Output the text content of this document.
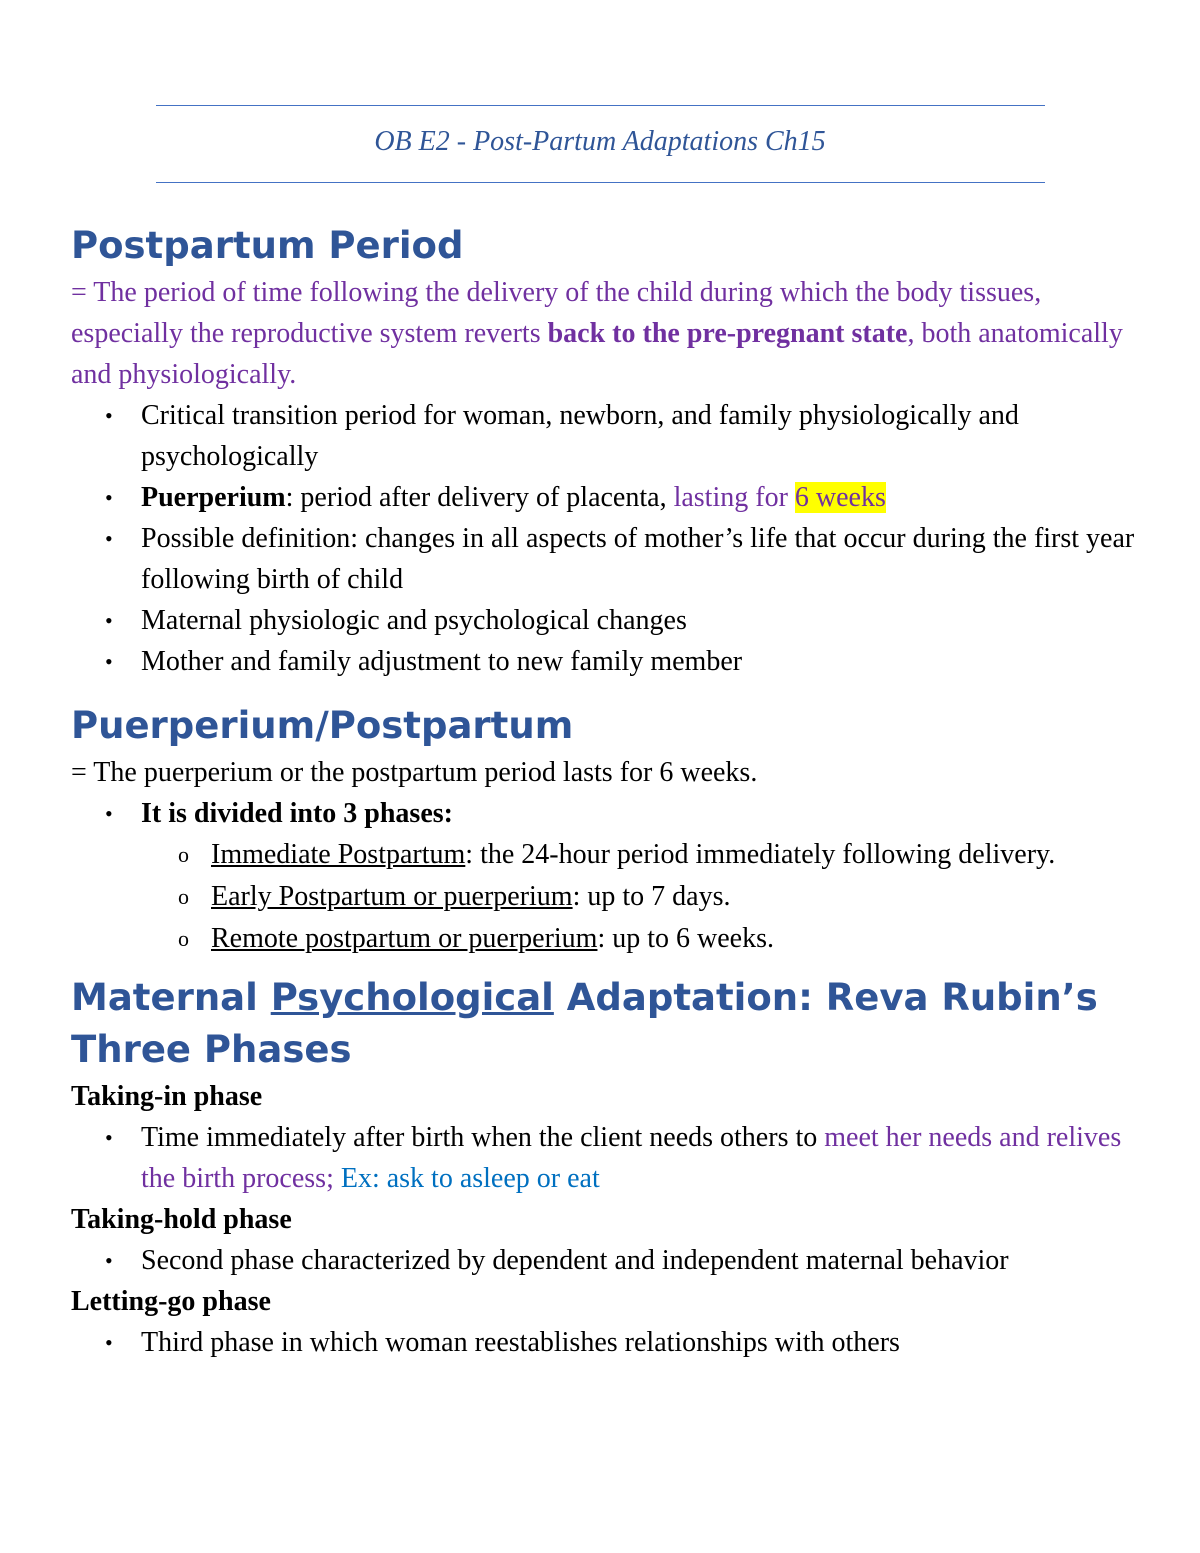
OB E2 - Post-Partum Adaptations Ch15
Postpartum Period

= The period of time following the delivery of the child during which the body tissues, especially the reproductive system reverts back to the pre-pregnant state, both anatomically and physiologically.

• Critical transition period for woman, newborn, and family physiologically and psychologically
• Puerperium: period after delivery of placenta, lasting for 6 weeks
• Possible definition: changes in all aspects of mother’s life that occur during the first year following birth of child
• Maternal physiologic and psychological changes
• Mother and family adjustment to new family member
Puerperium/Postpartum

= The puerperium or the postpartum period lasts for 6 weeks.

• It is divided into 3 phases:
o Immediate Postpartum: the 24-hour period immediately following delivery.
o Early Postpartum or puerperium: up to 7 days.
o Remote postpartum or puerperium: up to 6 weeks.
Maternal Psychological Adaptation: Reva Rubin’s Three Phases

Taking-in phase

• Time immediately after birth when the client needs others to meet her needs and relives the birth process; Ex: ask to asleep or eat

Taking-hold phase

• Second phase characterized by dependent and independent maternal behavior

Letting-go phase

• Third phase in which woman reestablishes relationships with others
